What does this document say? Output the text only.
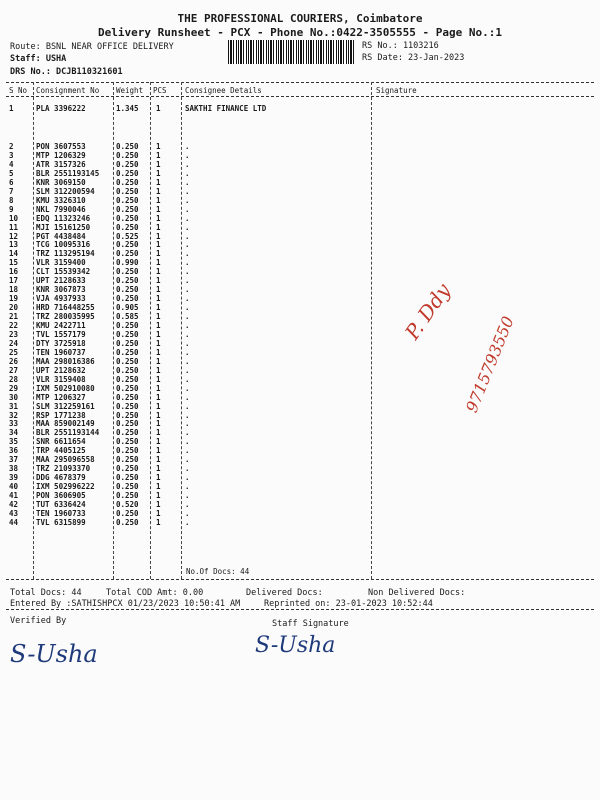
THE PROFESSIONAL COURIERS, Coimbatore
Delivery Runsheet - PCX - Phone No.:0422-3505555 - Page No.:1
Route: BSNL NEAR OFFICE DELIVERY
Staff: USHA
DRS No.: DCJB110321601
RS No.: 1103216
RS Date: 23-Jan-2023
S No Consignment No Weight PCS Consignee Details	Signature
1	PLA 3396222	1.345 1	SAKTHI FINANCE LTD
2	PON 3607553	0.250 1	.
3	MTP 1206329	0.250 1	.
4	ATR 3157326	0.250 1	.
5	BLR 2551193145 0.250 1	.
6	KNR 3069150	0.250 1	.
7	SLM 312200594	0.250 1	.
8	KMU 3326310	0.250 1	.
9	NKL 7990046	0.250 1	.
10 EDQ 11323246	0.250 1	.
11 MJI 15161250	0.250 1	.
12 PGT 4438484	0.525 1	.
13 TCG 10095316	0.250 1	.
14 TRZ 113295194	0.250 1	.
15 VLR 3159400	0.990 1	.
16 CLT 15539342	0.250 1	.
17 UPT 2128633	0.250 1	.
18 KNR 3067873	0.250 1	.
19 VJA 4937933	0.250 1	.
20 HRD 716448255	0.905 1	.
21 TRZ 280035995	0.585 1	.
22 KMU 2422711	0.250 1	.
23 TVL 1557179	0.250 1	.
24 DTY 3725918	0.250 1	.
25 TEN 1960737	0.250 1	.
26 MAA 298016386	0.250 1	.
27 UPT 2128632	0.250 1	.
28 VLR 3159408	0.250 1	.
29 IXM 502910080	0.250 1	.
30 MTP 1206327	0.250 1	.
31 SLM 312259161	0.250 1	.
32 RSP 1771238	0.250 1	.
33 MAA 859002149	0.250 1	.
34 BLR 2551193144 0.250 1	.
35 SNR 6611654	0.250 1	.
36 TRP 4405125	0.250 1	.
37 MAA 295096558	0.250 1	.
38 TRZ 21093370	0.250 1	.
39 DDG 4678379	0.250 1	.
40 IXM 502996222	0.250 1	.
41 PON 3606905	0.250 1	.
42 TUT 6336424	0.520 1	.
43 TEN 1960733	0.250 1	.
44 TVL 6315899	0.250 1	.
No.Of Docs: 44
Total Docs: 44	Total COD Amt: 0.00	Delivered Docs:	Non Delivered Docs:
Entered By :SATHISHPCX 01/23/2023 10:50:41 AM	Reprinted on: 23-01-2023 10:52:44
Verified By	Staff Signature
S-Usha	S-Usha
P. Ddy
9715793550
